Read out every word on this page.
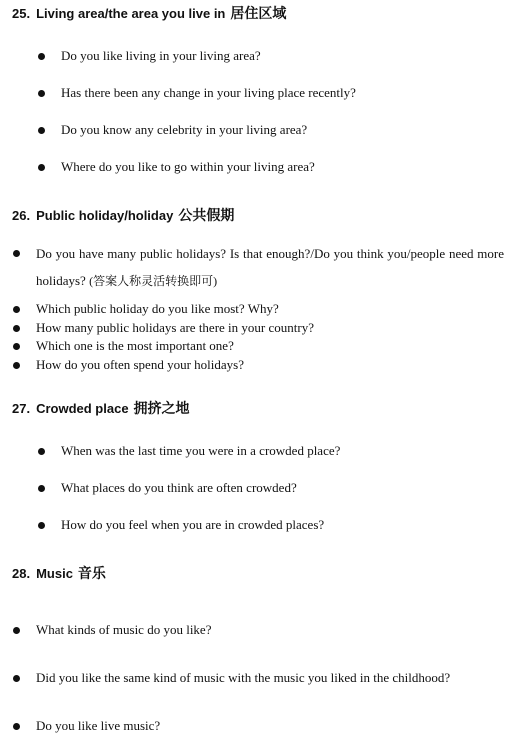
25. Living area/the area you live in 居住区域
Do you like living in your living area?
Has there been any change in your living place recently?
Do you know any celebrity in your living area?
Where do you like to go within your living area?
26. Public holiday/holiday 公共假期
Do you have many public holidays? Is that enough?/Do you think you/people need more holidays? (答案人称灵活转换即可)
Which public holiday do you like most? Why?
How many public holidays are there in your country?
Which one is the most important one?
How do you often spend your holidays?
27. Crowded place 拥挤之地
When was the last time you were in a crowded place?
What places do you think are often crowded?
How do you feel when you are in crowded places?
28. Music 音乐
What kinds of music do you like?
Did you like the same kind of music with the music you liked in the childhood?
Do you like live music?
